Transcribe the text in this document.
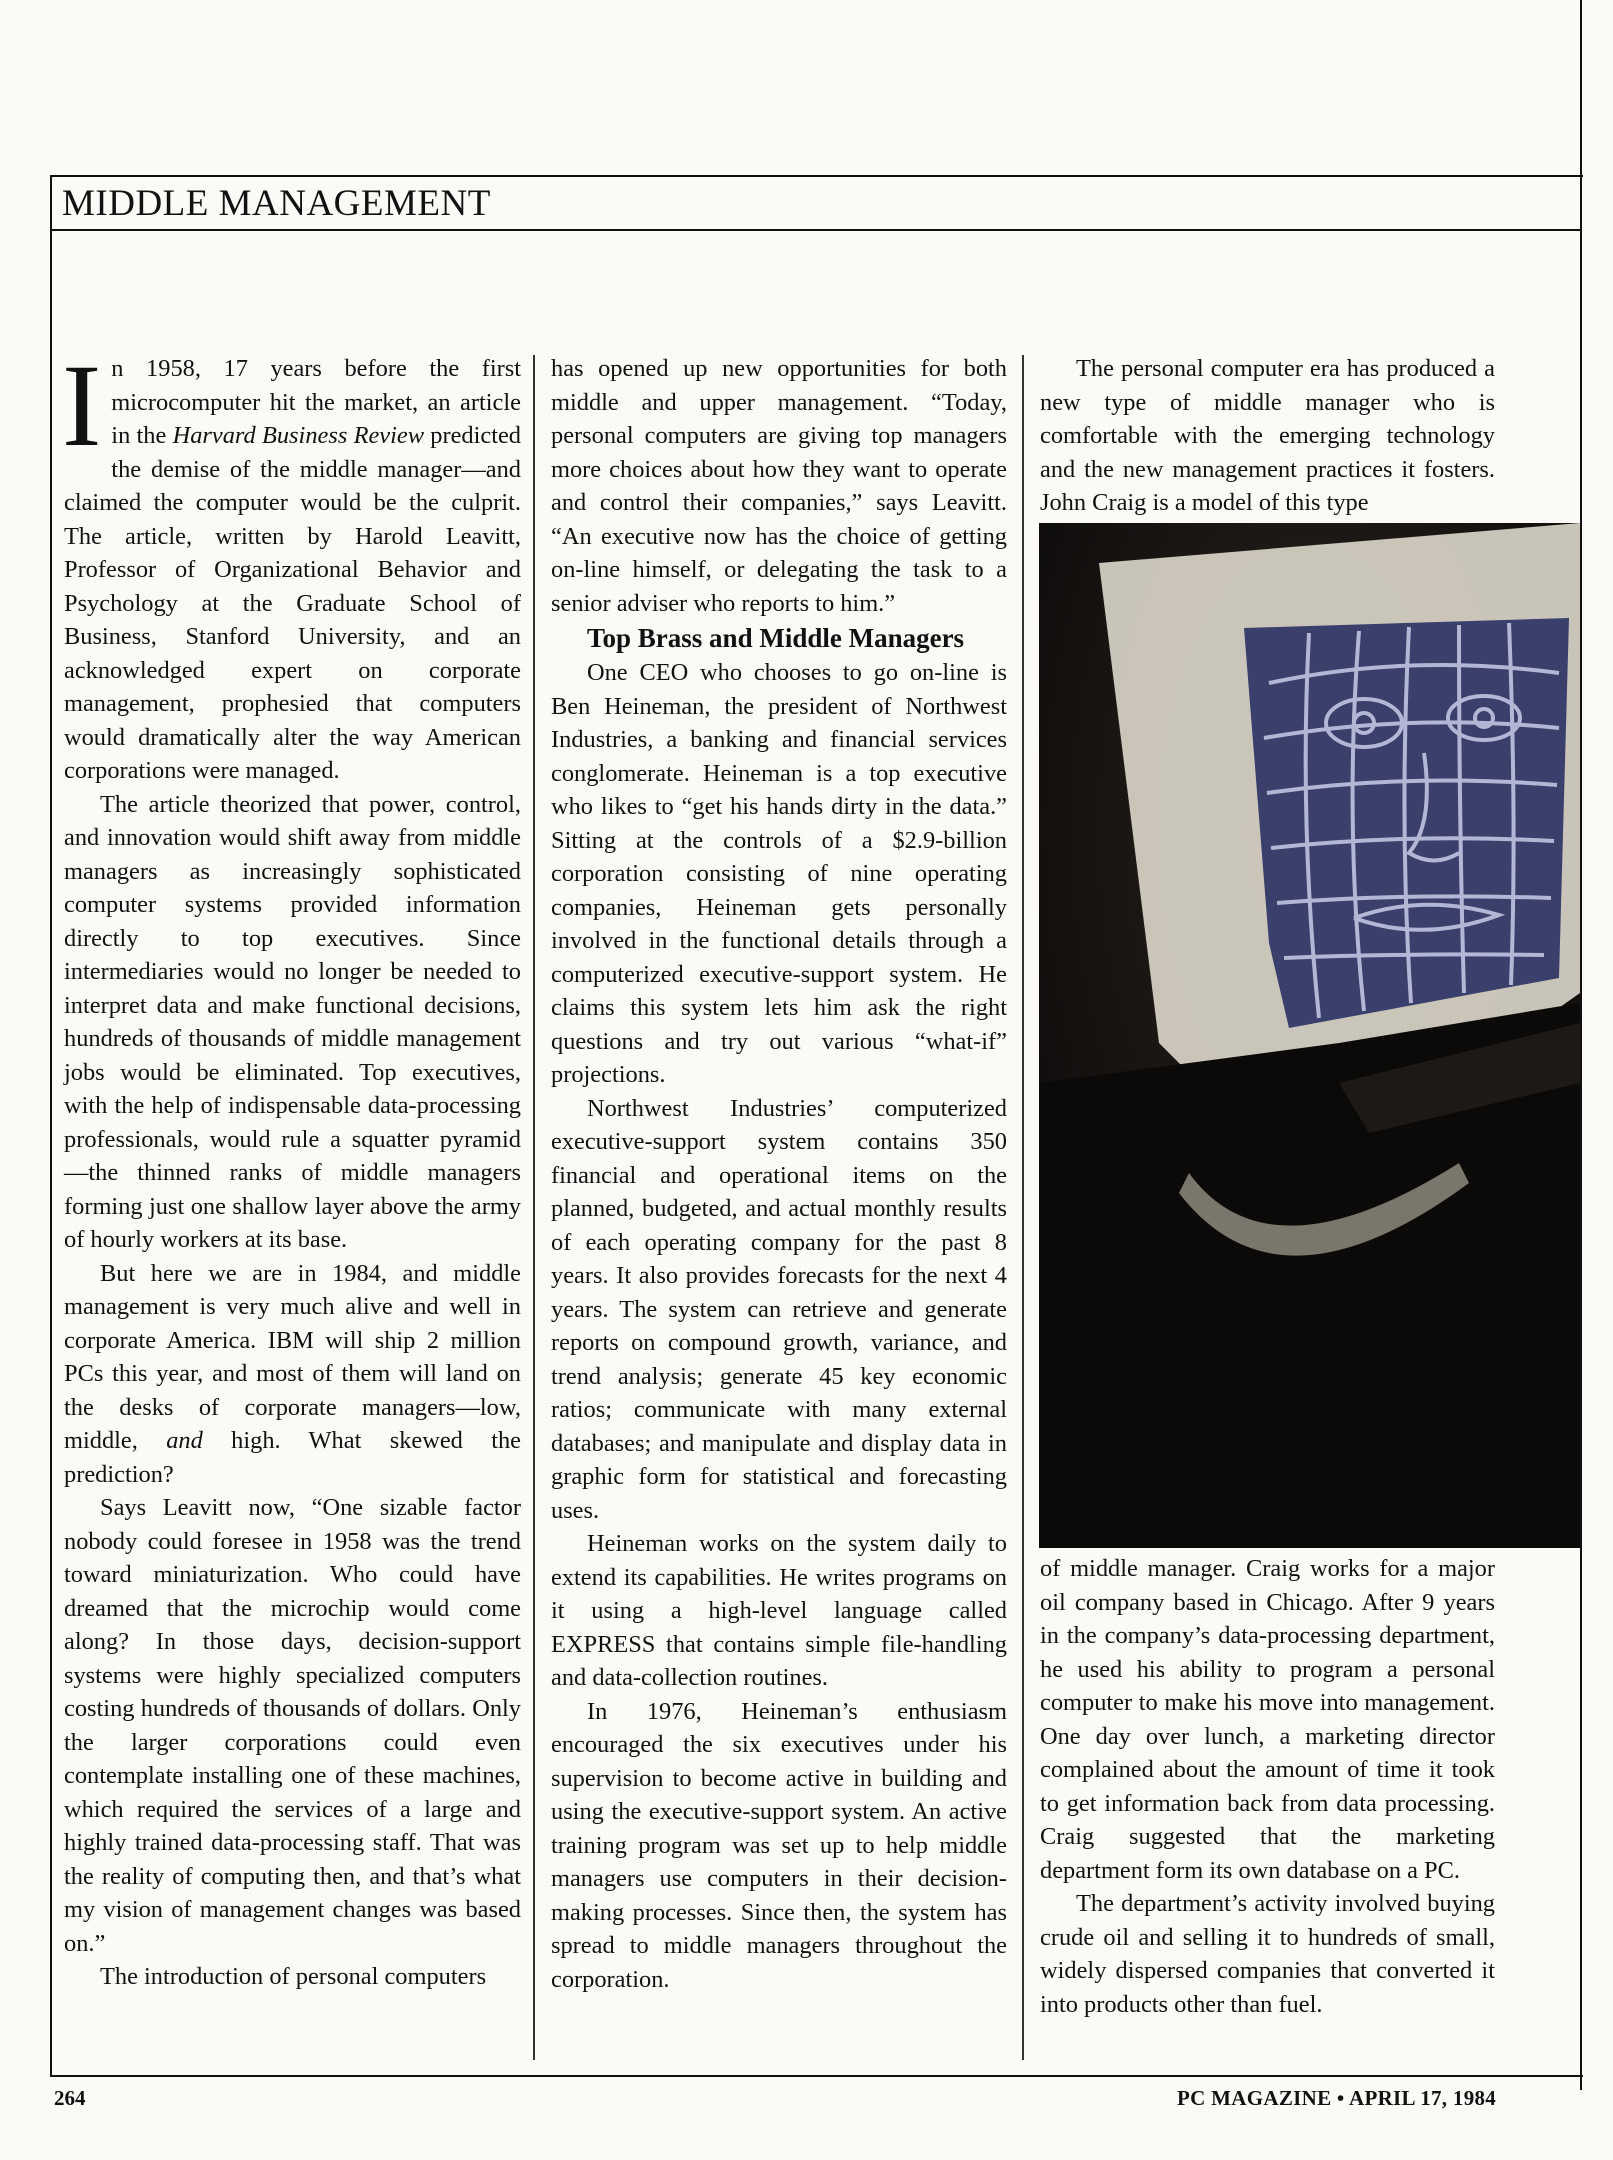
MIDDLE MANAGEMENT

In 1958, 17 years before the first microcomputer hit the market, an article in the Harvard Business Review predicted the demise of the middle manager—and claimed the computer would be the culprit. The article, written by Harold Leavitt, Professor of Organizational Behavior and Psychology at the Graduate School of Business, Stanford University, and an acknowledged expert on corporate management, prophesied that computers would dramatically alter the way American corporations were managed.

The article theorized that power, control, and innovation would shift away from middle managers as increasingly sophisticated computer systems provided information directly to top executives. Since intermediaries would no longer be needed to interpret data and make functional decisions, hundreds of thousands of middle management jobs would be eliminated. Top executives, with the help of indispensable data-processing professionals, would rule a squatter pyramid—the thinned ranks of middle managers forming just one shallow layer above the army of hourly workers at its base.

But here we are in 1984, and middle management is very much alive and well in corporate America. IBM will ship 2 million PCs this year, and most of them will land on the desks of corporate managers—low, middle, and high. What skewed the prediction?

Says Leavitt now, “One sizable factor nobody could foresee in 1958 was the trend toward miniaturization. Who could have dreamed that the microchip would come along? In those days, decision-support systems were highly specialized computers costing hundreds of thousands of dollars. Only the larger corporations could even contemplate installing one of these machines, which required the services of a large and highly trained data-processing staff. That was the reality of computing then, and that’s what my vision of management changes was based on.”

The introduction of personal computers

has opened up new opportunities for both middle and upper management. “Today, personal computers are giving top managers more choices about how they want to operate and control their companies,” says Leavitt. “An executive now has the choice of getting on-line himself, or delegating the task to a senior adviser who reports to him.”

Top Brass and Middle Managers

One CEO who chooses to go on-line is Ben Heineman, the president of Northwest Industries, a banking and financial services conglomerate. Heineman is a top executive who likes to “get his hands dirty in the data.” Sitting at the controls of a $2.9-billion corporation consisting of nine operating companies, Heineman gets personally involved in the functional details through a computerized executive-support system. He claims this system lets him ask the right questions and try out various “what-if” projections.

Northwest Industries’ computerized executive-support system contains 350 financial and operational items on the planned, budgeted, and actual monthly results of each operating company for the past 8 years. It also provides forecasts for the next 4 years. The system can retrieve and generate reports on compound growth, variance, and trend analysis; generate 45 key economic ratios; communicate with many external databases; and manipulate and display data in graphic form for statistical and forecasting uses.

Heineman works on the system daily to extend its capabilities. He writes programs on it using a high-level language called EXPRESS that contains simple file-handling and data-collection routines.

In 1976, Heineman’s enthusiasm encouraged the six executives under his supervision to become active in building and using the executive-support system. An active training program was set up to help middle managers use computers in their decision-making processes. Since then, the system has spread to middle managers throughout the corporation.

The personal computer era has produced a new type of middle manager who is comfortable with the emerging technology and the new management practices it fosters. John Craig is a model of this type

of middle manager. Craig works for a major oil company based in Chicago. After 9 years in the company’s data-processing department, he used his ability to program a personal computer to make his move into management. One day over lunch, a marketing director complained about the amount of time it took to get information back from data processing. Craig suggested that the marketing department form its own database on a PC.

The department’s activity involved buying crude oil and selling it to hundreds of small, widely dispersed companies that converted it into products other than fuel.

264	PC MAGAZINE • APRIL 17, 1984
